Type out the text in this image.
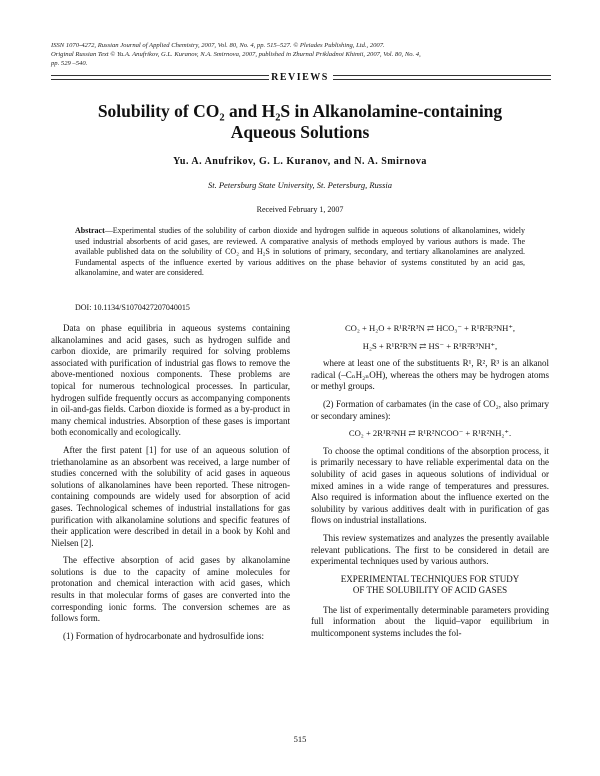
ISSN 1070-4272, Russian Journal of Applied Chemistry, 2007, Vol. 80, No. 4, pp. 515–527. © Pleiades Publishing, Ltd., 2007.
Original Russian Text © Yu.A. Anufrikov, G.L. Kuranov, N.A. Smirnova, 2007, published in Zhurnal Prikladnoi Khimii, 2007, Vol. 80, No. 4,
pp. 529 –540.
REVIEWS
Solubility of CO₂ and H₂S in Alkanolamine-containing
Aqueous Solutions
Yu. A. Anufrikov, G. L. Kuranov, and N. A. Smirnova
St. Petersburg State University, St. Petersburg, Russia
Received February 1, 2007
Abstract—Experimental studies of the solubility of carbon dioxide and hydrogen sulfide in aqueous solutions of alkanolamines, widely used industrial absorbents of acid gases, are reviewed. A comparative analysis of methods employed by various authors is made. The available published data on the solubility of CO₂ and H₂S in solutions of primary, secondary, and tertiary alkanolamines are analyzed. Fundamental aspects of the influence exerted by various additives on the phase behavior of systems constituted by an acid gas, alkanolamine, and water are considered.
DOI: 10.1134/S1070427207040015

Data on phase equilibria in aqueous systems containing alkanolamines and acid gases, such as hydrogen sulfide and carbon dioxide, are primarily required for solving problems associated with purification of industrial gas flows to remove the above-mentioned noxious components. These problems are topical for numerous technological processes. In particular, hydrogen sulfide frequently occurs as accompanying components in oil-and-gas fields. Carbon dioxide is formed as a by-product in many chemical industries. Absorption of these gases is important both economically and ecologically.

After the first patent [1] for use of an aqueous solution of triethanolamine as an absorbent was received, a large number of studies concerned with the solubility of acid gases in aqueous solutions of alkanolamines have been reported. These nitrogen-containing compounds are widely used for absorption of acid gases. Technological schemes of industrial installations for gas purification with alkanolamine solutions and specific features of their application were described in detail in a book by Kohl and Nielsen [2].

The effective absorption of acid gases by alkanolamine solutions is due to the capacity of amine molecules for protonation and chemical interaction with acid gases, which results in that molecular forms of gases are converted into the corresponding ionic forms. The conversion schemes are as follows form.

(1) Formation of hydrocarbonate and hydrosulfide ions:

CO₂ + H₂O + R¹R²R³N ⇄ HCO₃⁻ + R¹R²R³NH⁺,

H₂S + R¹R²R³N ⇄ HS⁻ + R¹R²R³NH⁺,

where at least one of the substituents R¹, R², R³ is an alkanol radical (–CₙH₂ₙOH), whereas the others may be hydrogen atoms or methyl groups.

(2) Formation of carbamates (in the case of CO₂, also primary or secondary amines):

CO₂ + 2R¹R²NH ⇄ R¹R²NCOO⁻ + R¹R²NH₂⁺.

To choose the optimal conditions of the absorption process, it is primarily necessary to have reliable experimental data on the solubility of acid gases in aqueous solutions of individual or mixed amines in a wide range of temperatures and pressures. Also required is information about the influence exerted on the solubility by various additives dealt with in purification of gas flows on industrial installations.

This review systematizes and analyzes the presently available relevant publications. The first to be considered in detail are experimental techniques used by various authors.

EXPERIMENTAL TECHNIQUES FOR STUDY
OF THE SOLUBILITY OF ACID GASES

The list of experimentally determinable parameters providing full information about the liquid–vapor equilibrium in multicomponent systems includes the fol-

515
